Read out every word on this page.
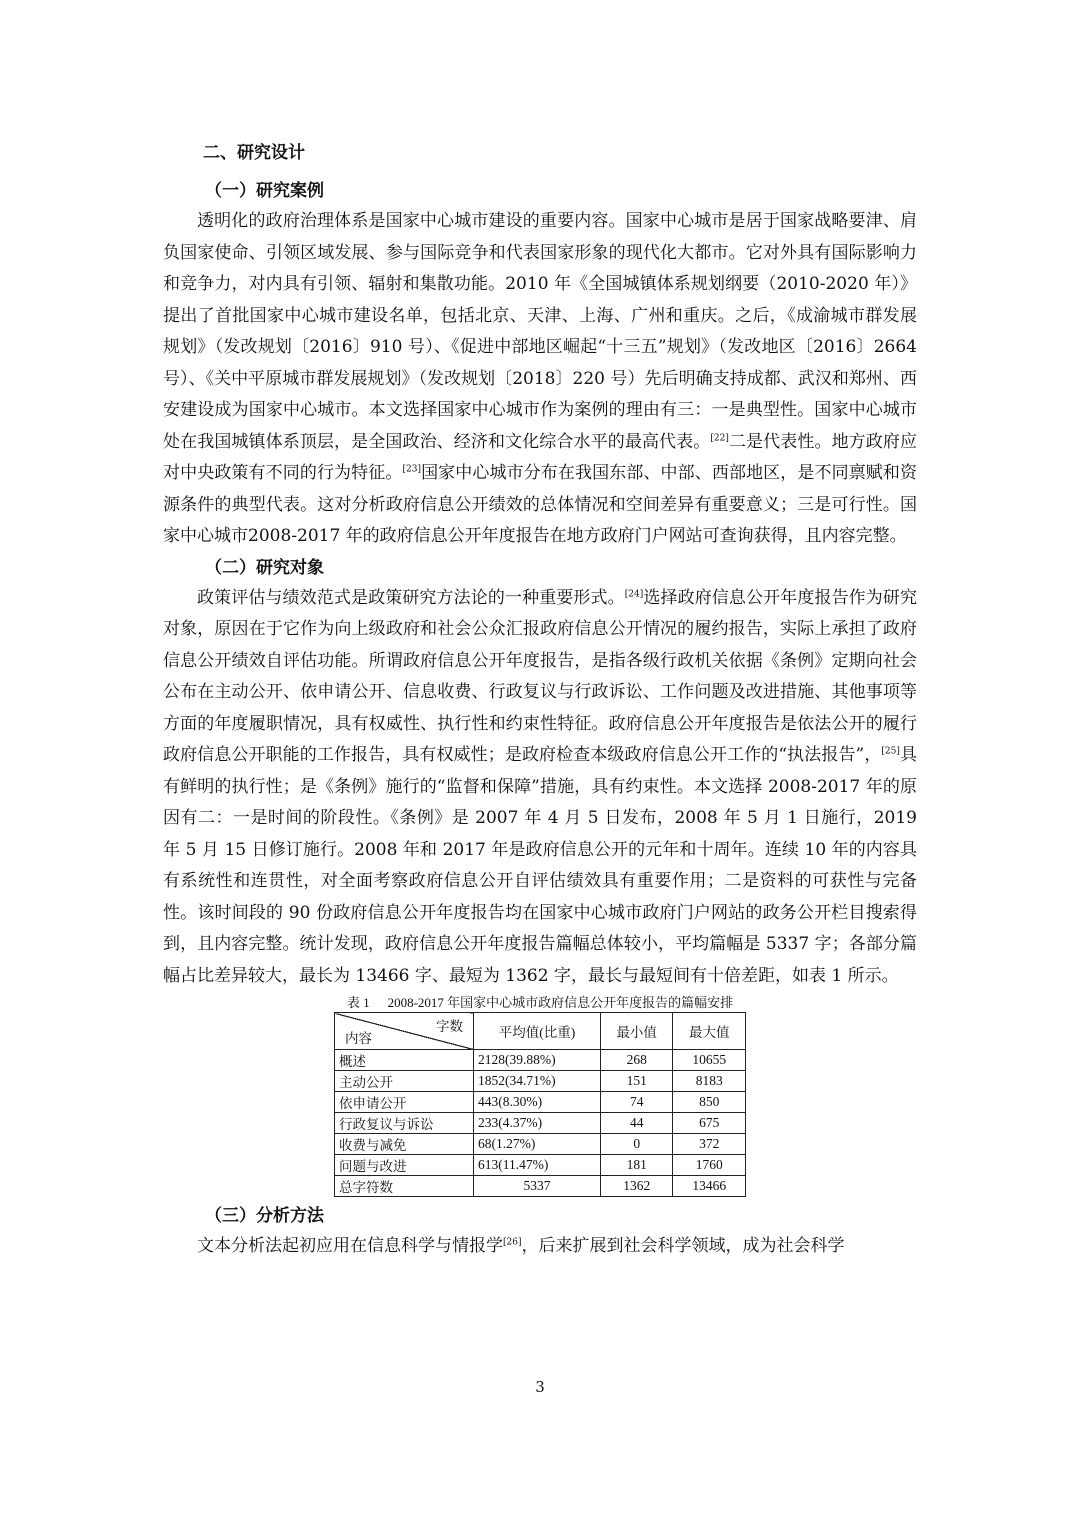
二、研究设计
（一）研究案例

透明化的政府治理体系是国家中心城市建设的重要内容。国家中心城市是居于国家战略要津、肩负国家使命、引领区域发展、参与国际竞争和代表国家形象的现代化大都市。它对外具有国际影响力和竞争力，对内具有引领、辐射和集散功能。2010 年《全国城镇体系规划纲要（2010-2020 年）》提出了首批国家中心城市建设名单，包括北京、天津、上海、广州和重庆。之后，《成渝城市群发展规划》（发改规划〔2016〕910 号）、《促进中部地区崛起“十三五”规划》（发改地区〔2016〕2664 号）、《关中平原城市群发展规划》（发改规划〔2018〕220 号）先后明确支持成都、武汉和郑州、西安建设成为国家中心城市。本文选择国家中心城市作为案例的理由有三：一是典型性。国家中心城市处在我国城镇体系顶层，是全国政治、经济和文化综合水平的最高代表。[22]二是代表性。地方政府应对中央政策有不同的行为特征。[23]国家中心城市分布在我国东部、中部、西部地区，是不同禀赋和资源条件的典型代表。这对分析政府信息公开绩效的总体情况和空间差异有重要意义；三是可行性。国家中心城市2008-2017 年的政府信息公开年度报告在地方政府门户网站可查询获得，且内容完整。

（二）研究对象

政策评估与绩效范式是政策研究方法论的一种重要形式。[24]选择政府信息公开年度报告作为研究对象，原因在于它作为向上级政府和社会公众汇报政府信息公开情况的履约报告，实际上承担了政府信息公开绩效自评估功能。所谓政府信息公开年度报告，是指各级行政机关依据《条例》定期向社会公布在主动公开、依申请公开、信息收费、行政复议与行政诉讼、工作问题及改进措施、其他事项等方面的年度履职情况，具有权威性、执行性和约束性特征。政府信息公开年度报告是依法公开的履行政府信息公开职能的工作报告，具有权威性；是政府检查本级政府信息公开工作的“执法报告”，[25]具有鲜明的执行性；是《条例》施行的“监督和保障”措施，具有约束性。本文选择 2008-2017 年的原因有二：一是时间的阶段性。《条例》是 2007 年 4 月 5 日发布，2008 年 5 月 1 日施行，2019 年 5 月 15 日修订施行。2008 年和 2017 年是政府信息公开的元年和十周年。连续 10 年的内容具有系统性和连贯性，对全面考察政府信息公开自评估绩效具有重要作用；二是资料的可获性与完备性。该时间段的 90 份政府信息公开年度报告均在国家中心城市政府门户网站的政务公开栏目搜索得到，且内容完整。统计发现，政府信息公开年度报告篇幅总体较小，平均篇幅是 5337 字；各部分篇幅占比差异较大，最长为 13466 字、最短为 1362 字，最长与最短间有十倍差距，如表 1 所示。

表 1 2008-2017 年国家中心城市政府信息公开年度报告的篇幅安排
字数
内容	平均值(比重)	最小值	最大值
概述	2128(39.88%)	268	10655
主动公开	1852(34.71%)	151	8183
依申请公开	443(8.30%)	74	850
行政复议与诉讼	233(4.37%)	44	675
收费与减免	68(1.27%)	0	372
问题与改进	613(11.47%)	181	1760
总字符数	5337	1362	13466
（三）分析方法

文本分析法起初应用在信息科学与情报学[26]，后来扩展到社会科学领域，成为社会科学

3
